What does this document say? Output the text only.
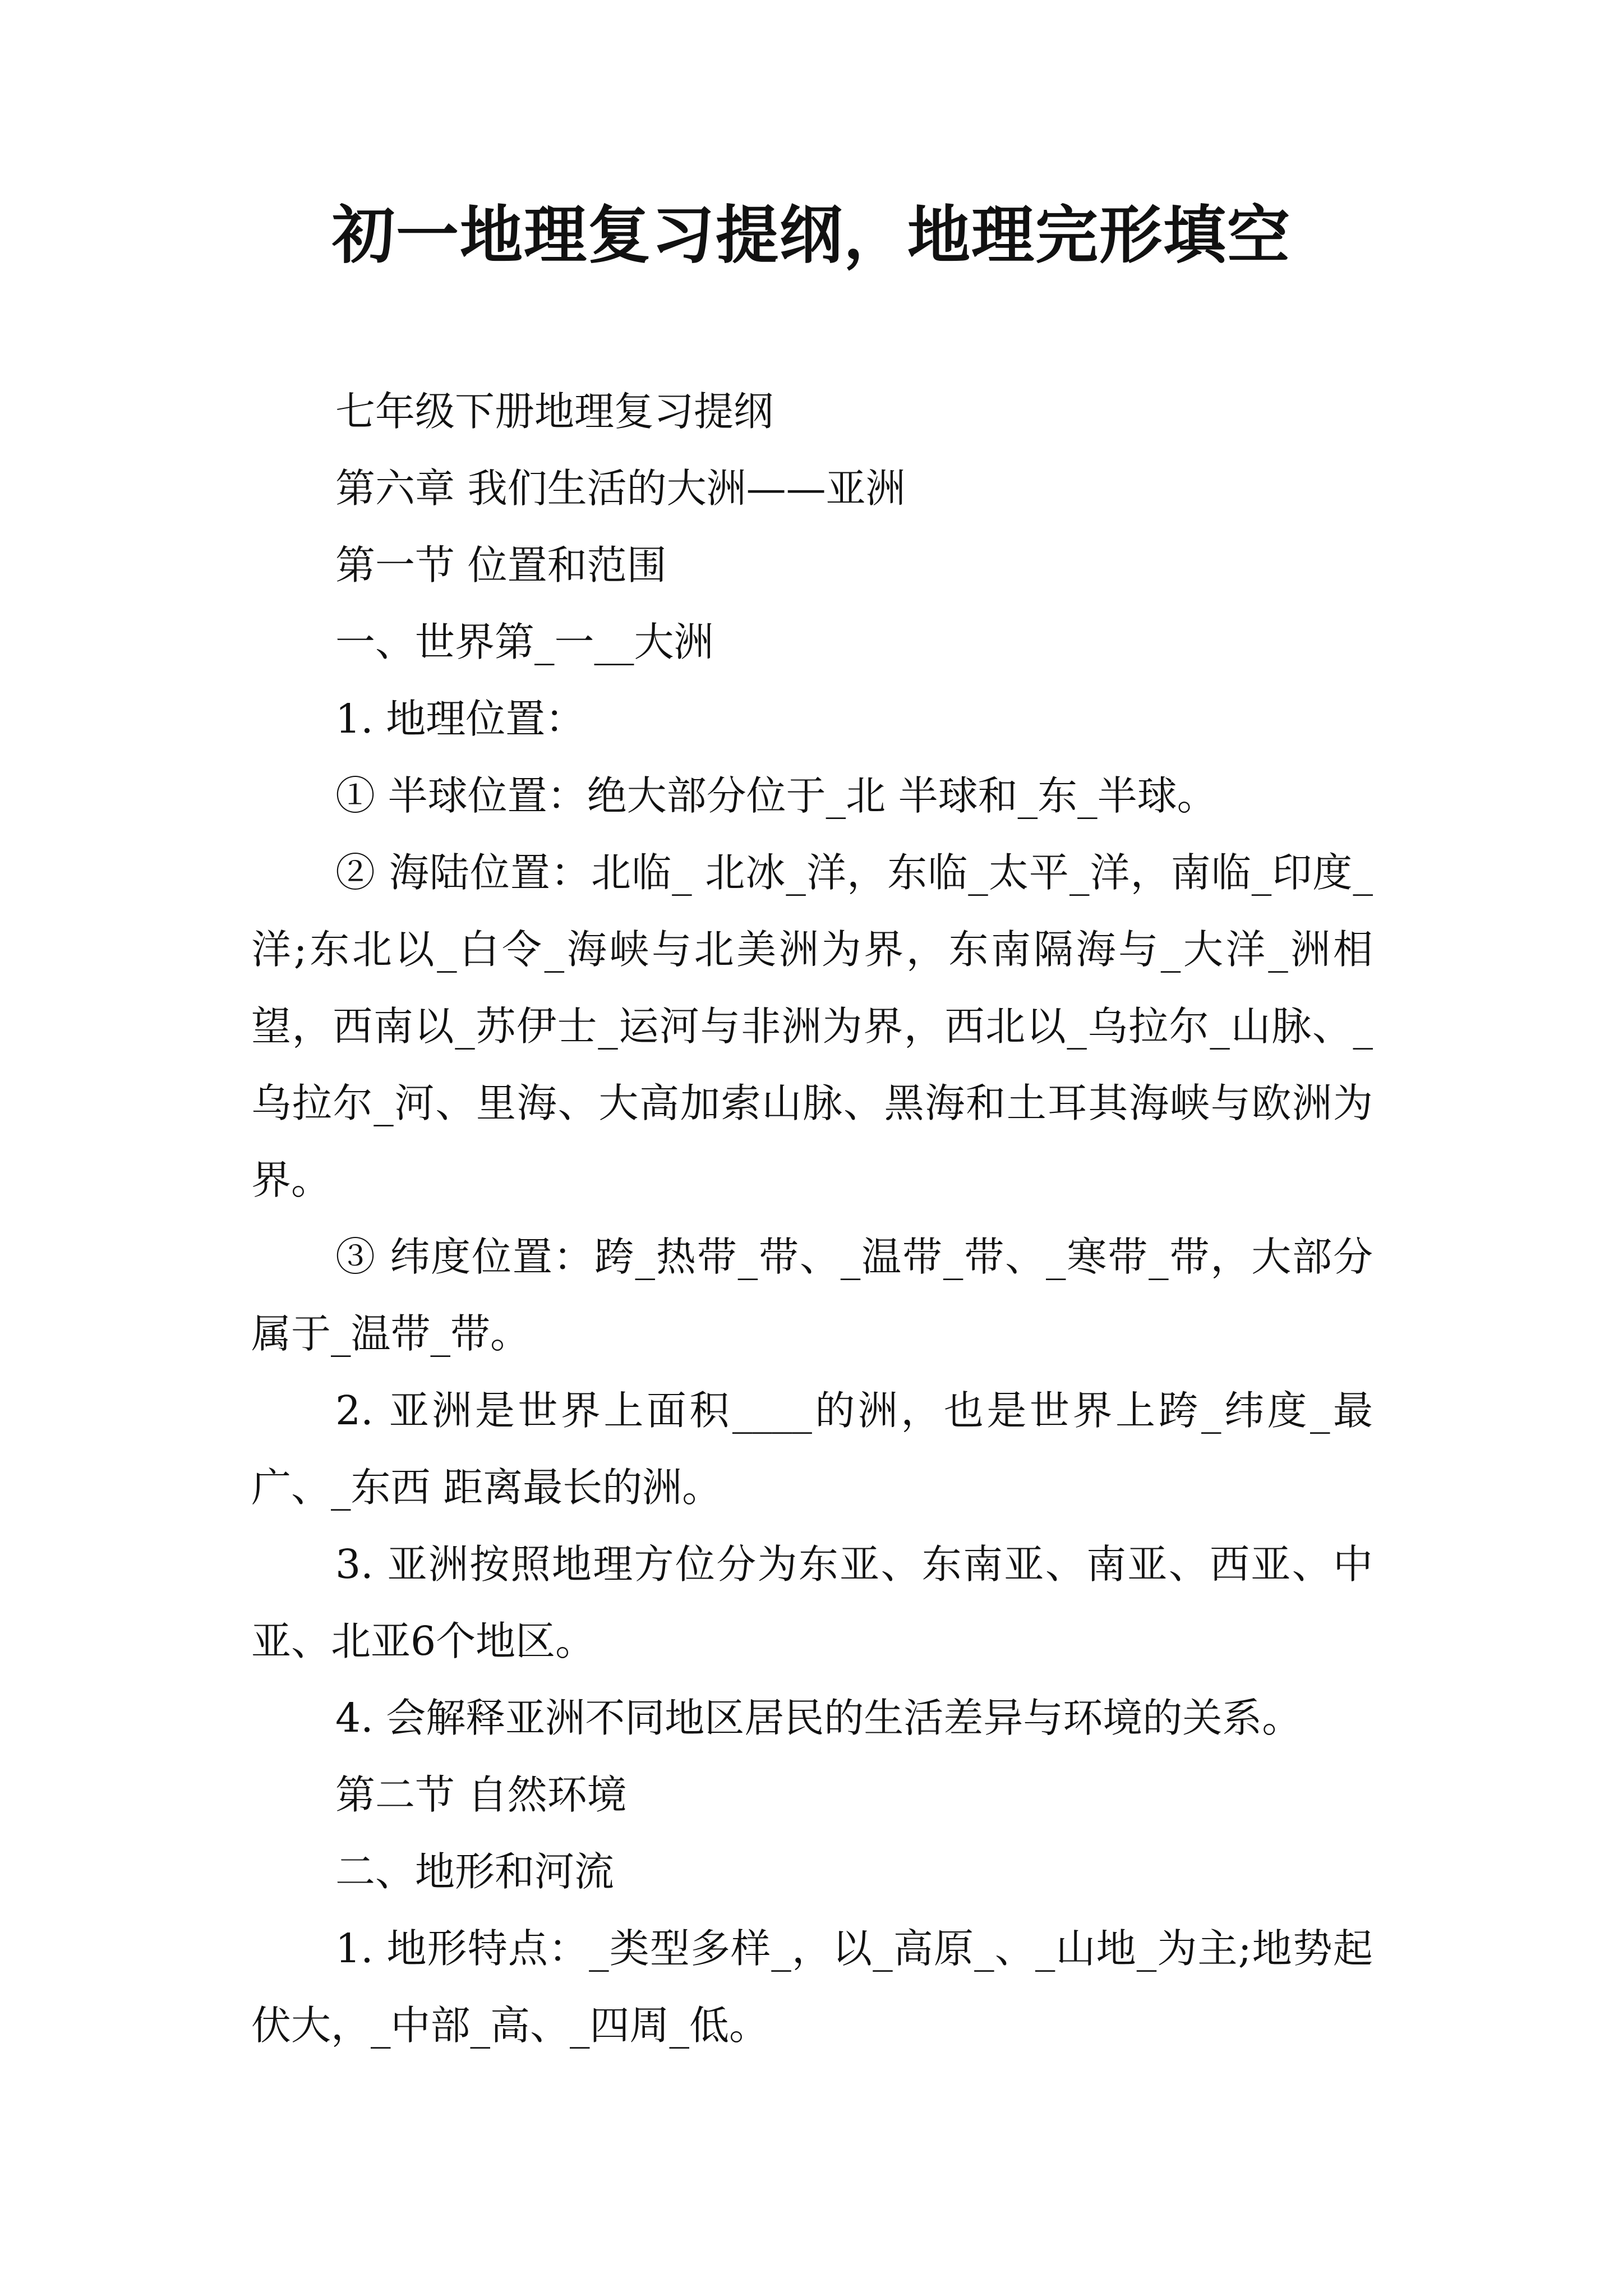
初一地理复习提纲，地理完形填空

七年级下册地理复习提纲

第六章 我们生活的大洲——亚洲

第一节 位置和范围

一、世界第_一__大洲

1. 地理位置：

① 半球位置：绝大部分位于_北 半球和_东_半球。

② 海陆位置：北临_ 北冰_洋，东临_太平_洋，南临_印度_洋;东北以_白令_海峡与北美洲为界，东南隔海与_大洋_洲相望，西南以_苏伊士_运河与非洲为界，西北以_乌拉尔_山脉、_乌拉尔_河、里海、大高加索山脉、黑海和土耳其海峡与欧洲为界。

③ 纬度位置：跨_热带_带、_温带_带、_寒带_带，大部分属于_温带_带。

2. 亚洲是世界上面积____的洲，也是世界上跨_纬度_最广、_东西 距离最长的洲。

3. 亚洲按照地理方位分为东亚、东南亚、南亚、西亚、中亚、北亚6个地区。

4. 会解释亚洲不同地区居民的生活差异与环境的关系。

第二节 自然环境

二、地形和河流

1. 地形特点：_类型多样_，以_高原_、_山地_为主;地势起伏大，_中部_高、_四周_低。
